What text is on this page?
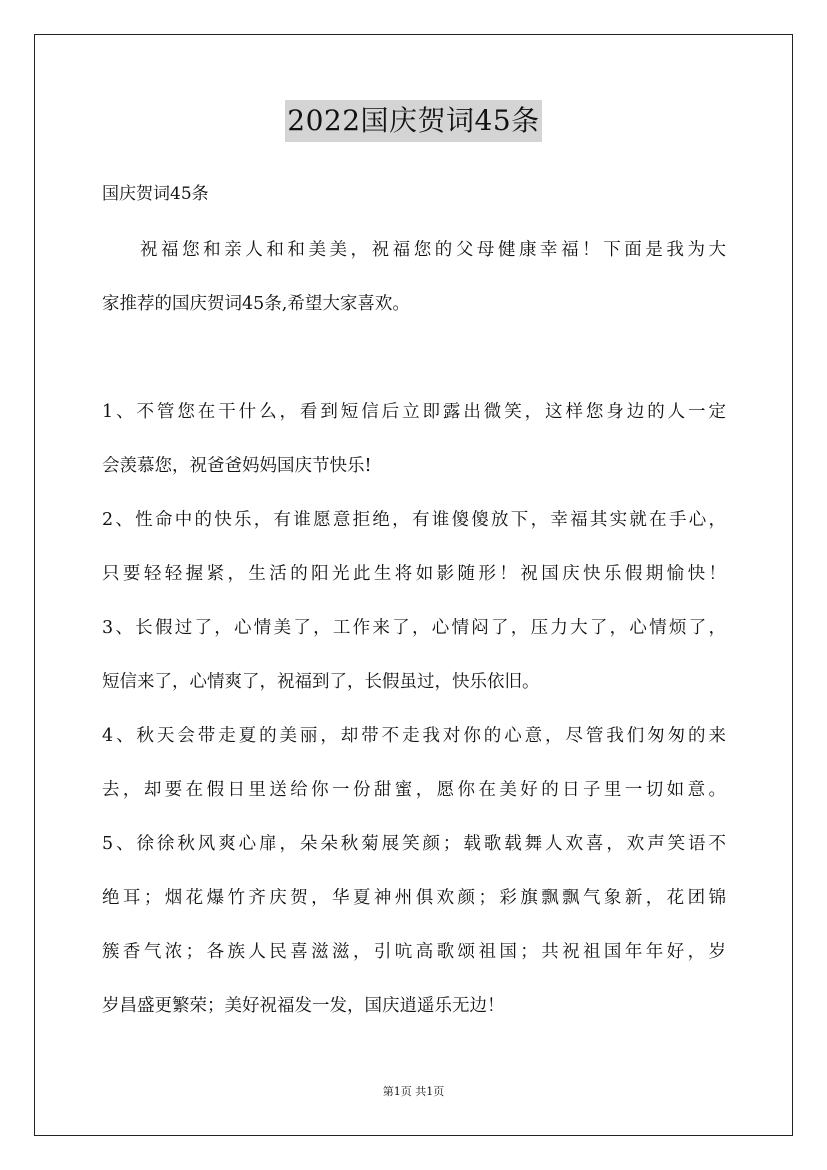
2022国庆贺词45条
国庆贺词45条
祝福您和亲人和和美美，祝福您的父母健康幸福！下面是我为大
家推荐的国庆贺词45条,希望大家喜欢。
1、不管您在干什么，看到短信后立即露出微笑，这样您身边的人一定
会羡慕您，祝爸爸妈妈国庆节快乐!
2、性命中的快乐，有谁愿意拒绝，有谁傻傻放下，幸福其实就在手心，
只要轻轻握紧，生活的阳光此生将如影随形！祝国庆快乐假期愉快！
3、长假过了，心情美了，工作来了，心情闷了，压力大了，心情烦了，
短信来了，心情爽了，祝福到了，长假虽过，快乐依旧。
4、秋天会带走夏的美丽，却带不走我对你的心意，尽管我们匆匆的来
去，却要在假日里送给你一份甜蜜，愿你在美好的日子里一切如意。
5、徐徐秋风爽心扉，朵朵秋菊展笑颜；载歌载舞人欢喜，欢声笑语不
绝耳；烟花爆竹齐庆贺，华夏神州俱欢颜；彩旗飘飘气象新，花团锦
簇香气浓；各族人民喜滋滋，引吭高歌颂祖国；共祝祖国年年好，岁
岁昌盛更繁荣；美好祝福发一发，国庆逍遥乐无边！
第1页 共1页
